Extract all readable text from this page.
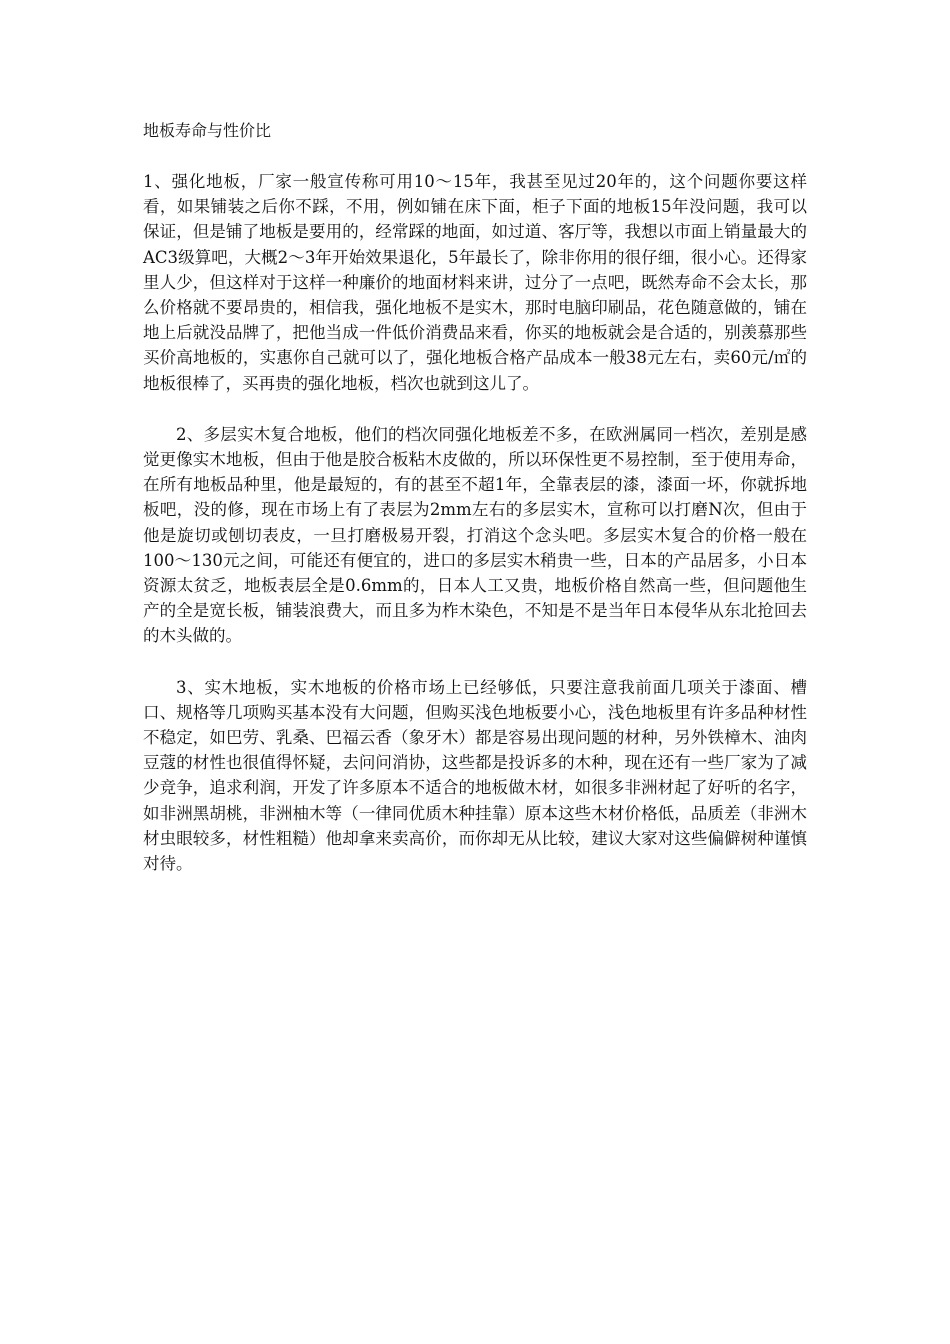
地板寿命与性价比

1、强化地板，厂家一般宣传称可用10～15年，我甚至见过20年的，这个问题你要这样看，如果铺装之后你不踩，不用，例如铺在床下面，柜子下面的地板15年没问题，我可以保证，但是铺了地板是要用的，经常踩的地面，如过道、客厅等，我想以市面上销量最大的AC3级算吧，大概2～3年开始效果退化，5年最长了，除非你用的很仔细，很小心。还得家里人少，但这样对于这样一种廉价的地面材料来讲，过分了一点吧，既然寿命不会太长，那么价格就不要昂贵的，相信我，强化地板不是实木，那时电脑印刷品，花色随意做的，铺在地上后就没品牌了，把他当成一件低价消费品来看，你买的地板就会是合适的，别羡慕那些买价高地板的，实惠你自己就可以了，强化地板合格产品成本一般38元左右，卖60元/㎡的地板很棒了，买再贵的强化地板，档次也就到这儿了。

2、多层实木复合地板，他们的档次同强化地板差不多，在欧洲属同一档次，差别是感觉更像实木地板，但由于他是胶合板粘木皮做的，所以环保性更不易控制，至于使用寿命，在所有地板品种里，他是最短的，有的甚至不超1年，全靠表层的漆，漆面一坏，你就拆地板吧，没的修，现在市场上有了表层为2mm左右的多层实木，宣称可以打磨N次，但由于他是旋切或刨切表皮，一旦打磨极易开裂，打消这个念头吧。多层实木复合的价格一般在100～130元之间，可能还有便宜的，进口的多层实木稍贵一些，日本的产品居多，小日本资源太贫乏，地板表层全是0.6mm的，日本人工又贵，地板价格自然高一些，但问题他生产的全是宽长板，铺装浪费大，而且多为柞木染色，不知是不是当年日本侵华从东北抢回去的木头做的。

3、实木地板，实木地板的价格市场上已经够低，只要注意我前面几项关于漆面、槽口、规格等几项购买基本没有大问题，但购买浅色地板要小心，浅色地板里有许多品种材性不稳定，如巴劳、乳桑、巴福云香（象牙木）都是容易出现问题的材种，另外铁樟木、油肉豆蔻的材性也很值得怀疑，去问问消协，这些都是投诉多的木种，现在还有一些厂家为了减少竞争，追求利润，开发了许多原本不适合的地板做木材，如很多非洲材起了好听的名字，如非洲黑胡桃，非洲柚木等（一律同优质木种挂靠）原本这些木材价格低，品质差（非洲木材虫眼较多，材性粗糙）他却拿来卖高价，而你却无从比较，建议大家对这些偏僻树种谨慎对待。
